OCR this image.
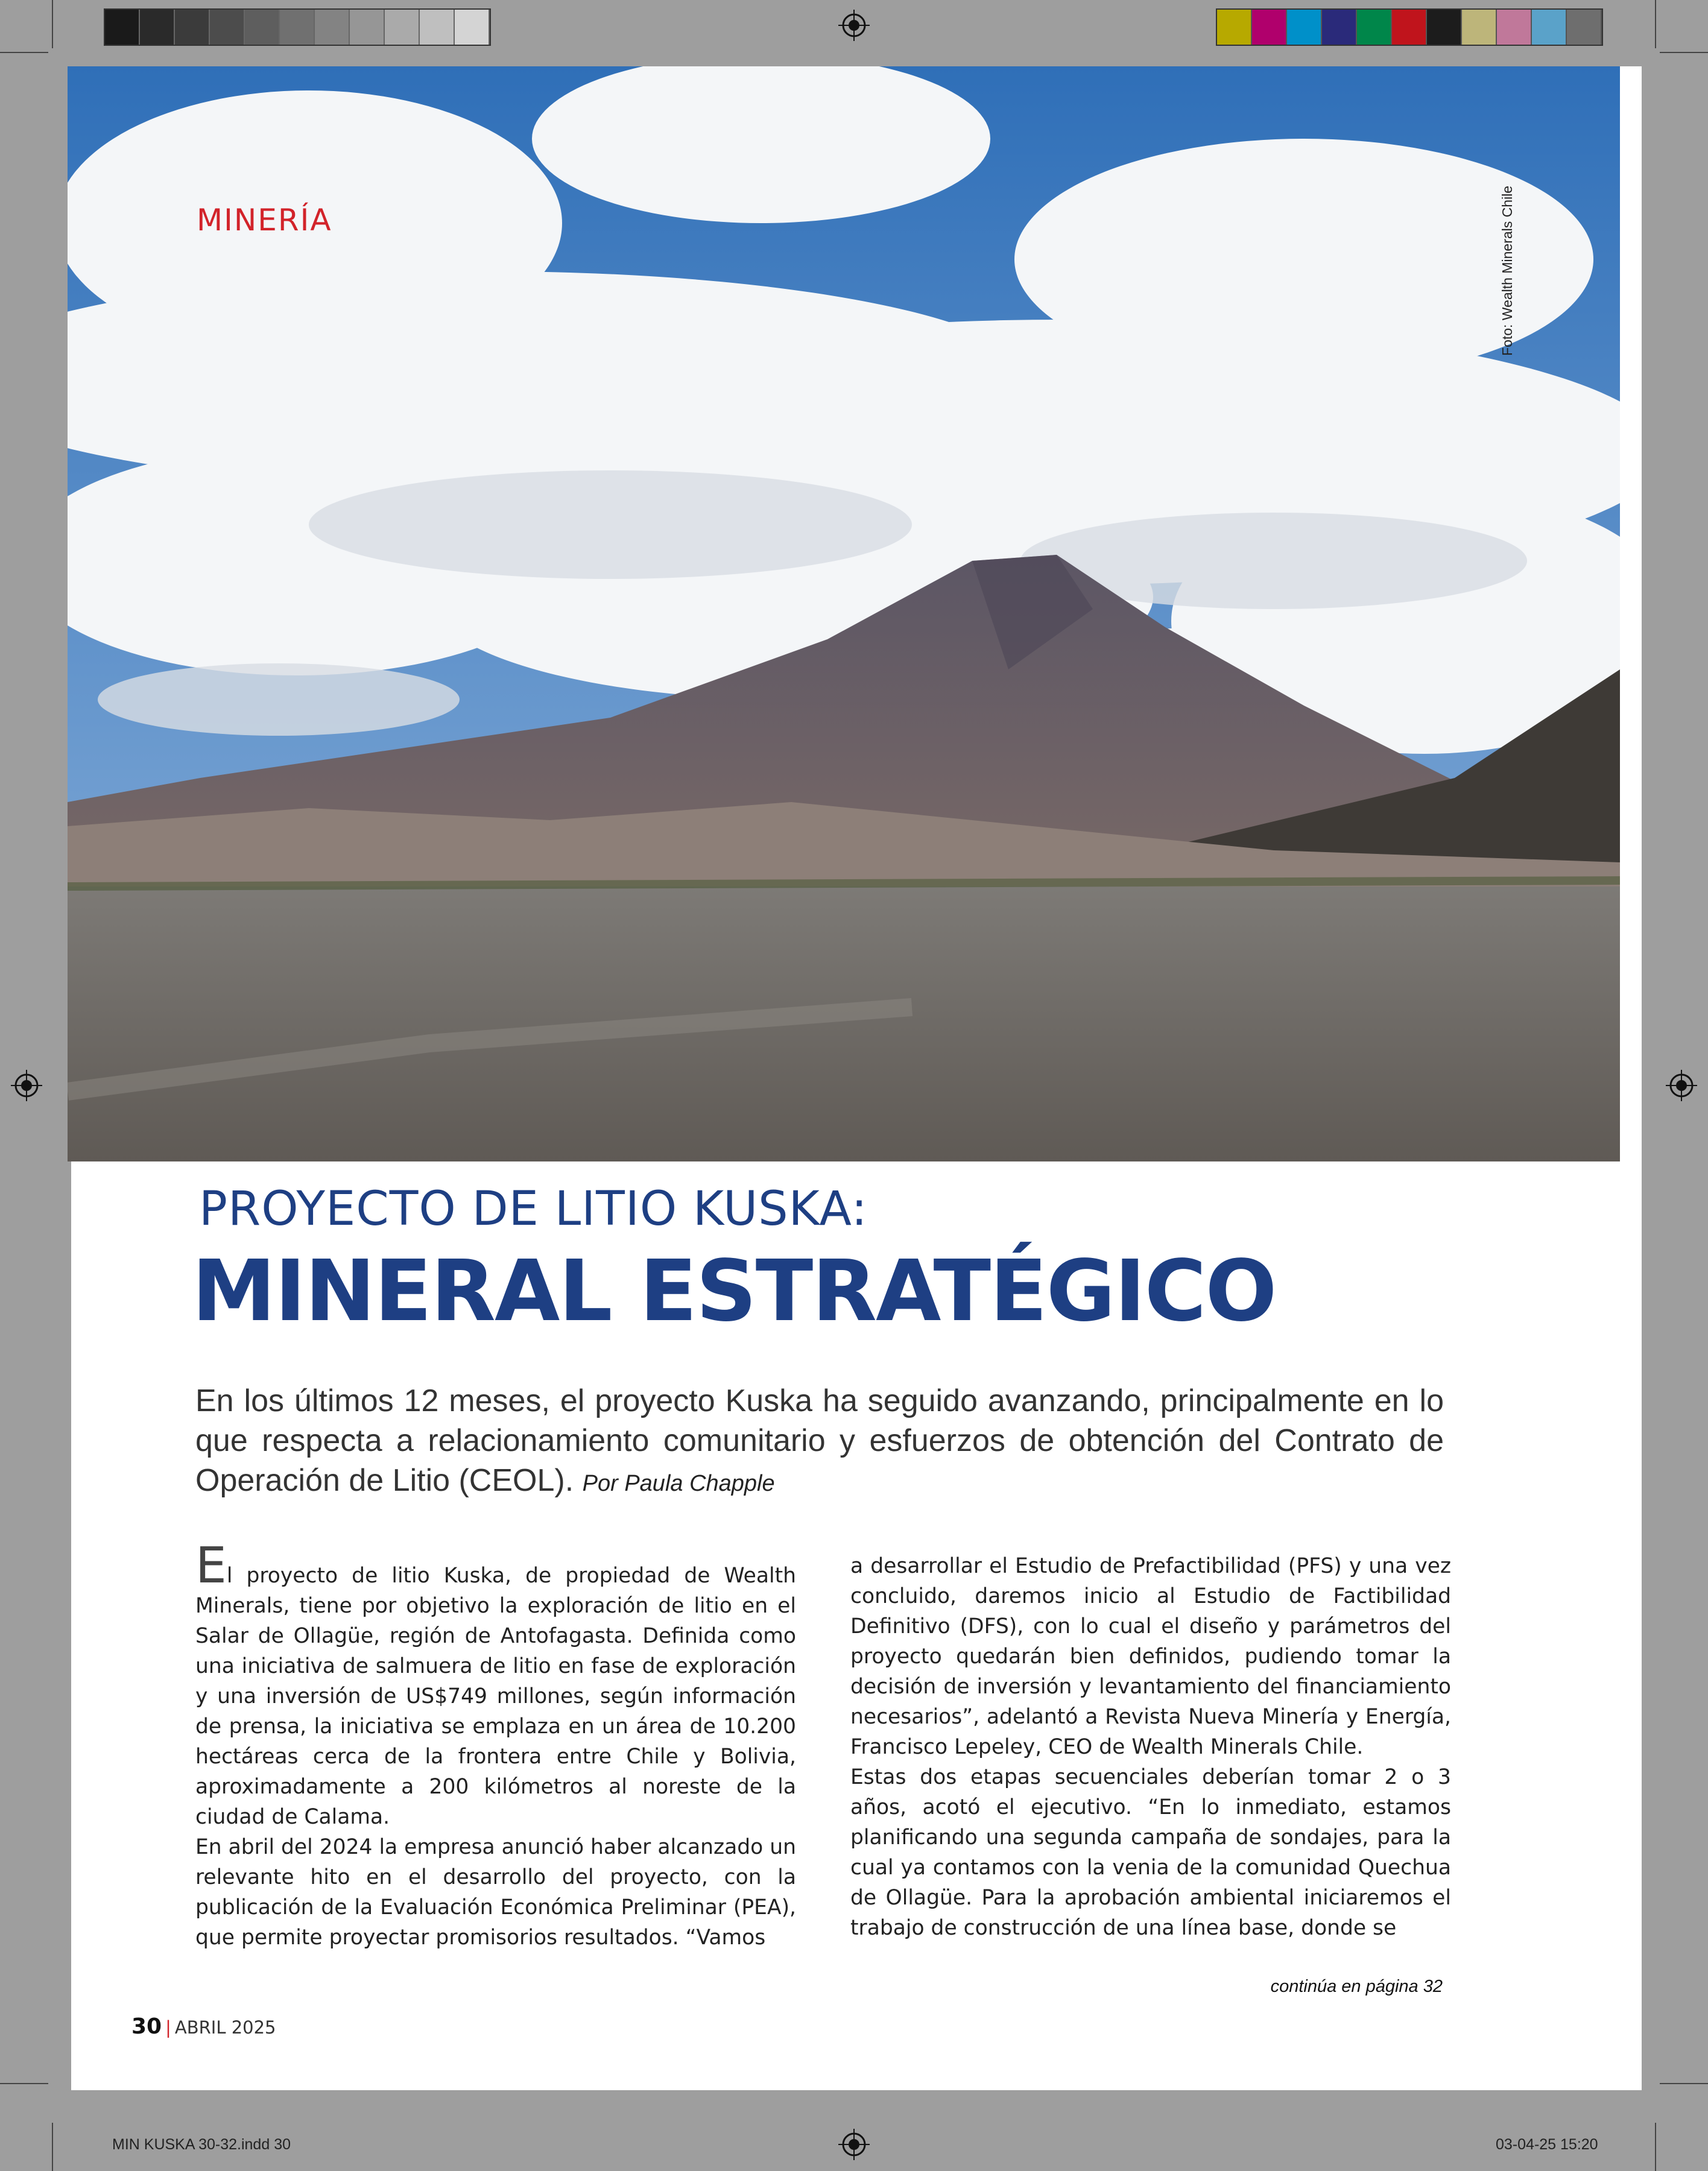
MINERÍA	Foto: Wealth Minerals Chile
PROYECTO DE LITIO KUSKA:
MINERAL ESTRATÉGICO
En los últimos 12 meses, el proyecto Kuska ha seguido avanzando, principalmente en lo que respecta a relacionamiento comunitario y esfuerzos de obtención del Contrato de Operación de Litio (CEOL). Por Paula Chapple

El proyecto de litio Kuska, de propiedad de Wealth Minerals, tiene por objetivo la exploración de litio en el Salar de Ollagüe, región de Antofagasta. Definida como una iniciativa de salmuera de litio en fase de exploración y una inversión de US$749 millones, según información de prensa, la iniciativa se emplaza en un área de 10.200 hectáreas cerca de la frontera entre Chile y Bolivia, aproximadamente a 200 kilómetros al noreste de la ciudad de Calama.

En abril del 2024 la empresa anunció haber alcanzado un relevante hito en el desarrollo del proyecto, con la publicación de la Evaluación Económica Preliminar (PEA), que permite proyectar promisorios resultados. “Vamos

a desarrollar el Estudio de Prefactibilidad (PFS) y una vez concluido, daremos inicio al Estudio de Factibilidad Definitivo (DFS), con lo cual el diseño y parámetros del proyecto quedarán bien definidos, pudiendo tomar la decisión de inversión y levantamiento del financiamiento necesarios”, adelantó a Revista Nueva Minería y Energía, Francisco Lepeley, CEO de Wealth Minerals Chile.

Estas dos etapas secuenciales deberían tomar 2 o 3 años, acotó el ejecutivo. “En lo inmediato, estamos planificando una segunda campaña de sondajes, para la cual ya contamos con la venia de la comunidad Quechua de Ollagüe. Para la aprobación ambiental iniciaremos el trabajo de construcción de una línea base, donde se

continúa en página 32
30 | ABRIL 2025
MIN KUSKA 30-32.indd 30	03-04-25 15:20
